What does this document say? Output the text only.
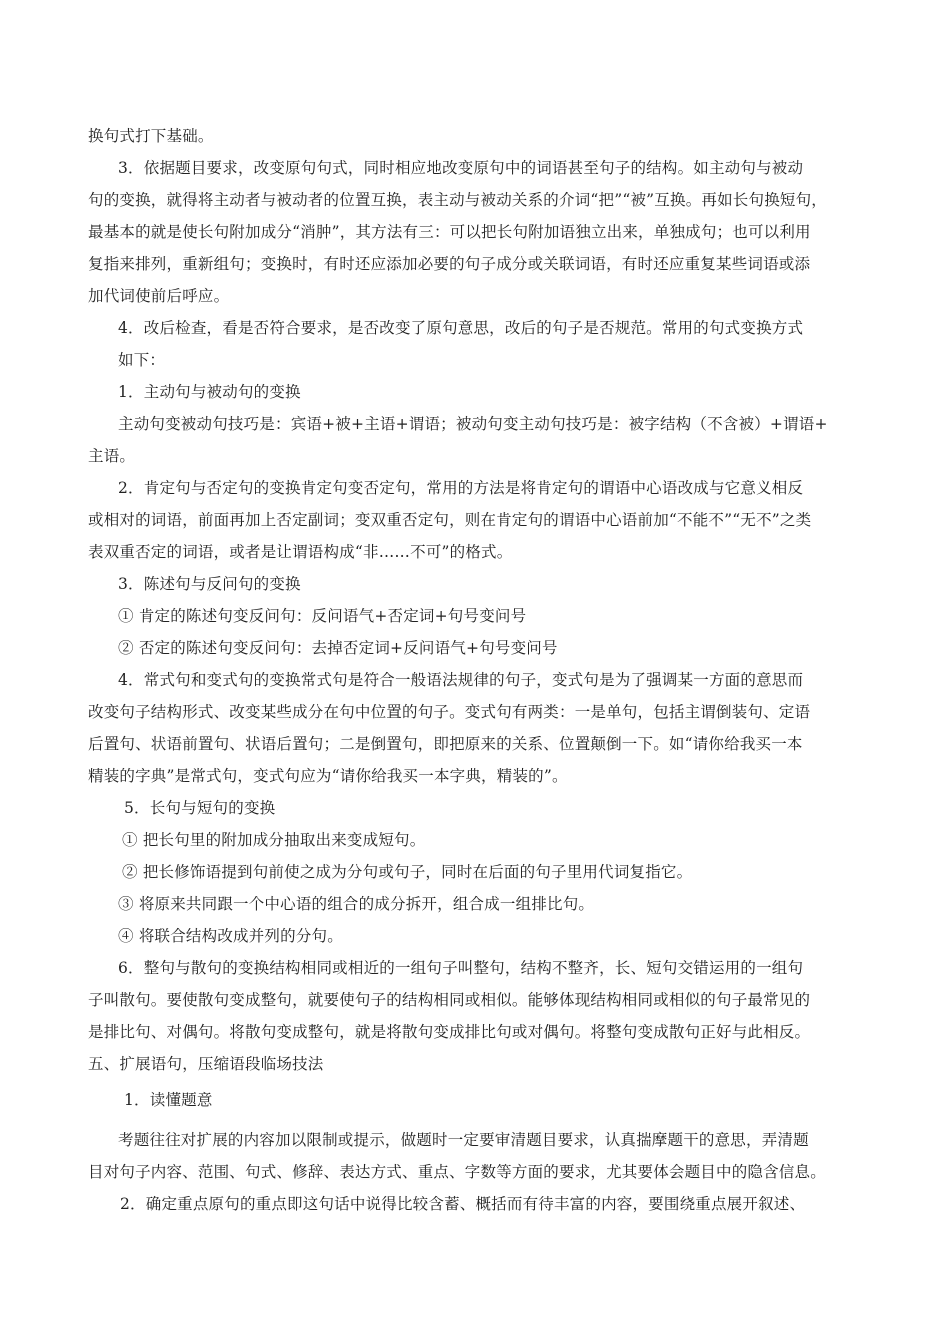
换句式打下基础。
3．依据题目要求，改变原句句式，同时相应地改变原句中的词语甚至句子的结构。如主动句与被动
句的变换，就得将主动者与被动者的位置互换，表主动与被动关系的介词“把”“被”互换。再如长句换短句，
最基本的就是使长句附加成分“消肿”，其方法有三：可以把长句附加语独立出来，单独成句；也可以利用
复指来排列，重新组句；变换时，有时还应添加必要的句子成分或关联词语，有时还应重复某些词语或添
加代词使前后呼应。
4．改后检查，看是否符合要求，是否改变了原句意思，改后的句子是否规范。常用的句式变换方式
如下：
1．主动句与被动句的变换
主动句变被动句技巧是：宾语+被+主语+谓语；被动句变主动句技巧是：被字结构（不含被）+谓语+
主语。
2．肯定句与否定句的变换肯定句变否定句，常用的方法是将肯定句的谓语中心语改成与它意义相反
或相对的词语，前面再加上否定副词；变双重否定句，则在肯定句的谓语中心语前加“不能不”“无不”之类
表双重否定的词语，或者是让谓语构成“非……不可”的格式。
3．陈述句与反问句的变换
① 肯定的陈述句变反问句：反问语气+否定词+句号变问号
② 否定的陈述句变反问句：去掉否定词+反问语气+句号变问号
4．常式句和变式句的变换常式句是符合一般语法规律的句子，变式句是为了强调某一方面的意思而
改变句子结构形式、改变某些成分在句中位置的句子。变式句有两类：一是单句，包括主谓倒装句、定语
后置句、状语前置句、状语后置句；二是倒置句，即把原来的关系、位置颠倒一下。如“请你给我买一本
精装的字典”是常式句，变式句应为“请你给我买一本字典，精装的”。
5．长句与短句的变换
① 把长句里的附加成分抽取出来变成短句。
② 把长修饰语提到句前使之成为分句或句子，同时在后面的句子里用代词复指它。
③ 将原来共同跟一个中心语的组合的成分拆开，组合成一组排比句。
④ 将联合结构改成并列的分句。
6．整句与散句的变换结构相同或相近的一组句子叫整句，结构不整齐，长、短句交错运用的一组句
子叫散句。要使散句变成整句，就要使句子的结构相同或相似。能够体现结构相同或相似的句子最常见的
是排比句、对偶句。将散句变成整句，就是将散句变成排比句或对偶句。将整句变成散句正好与此相反。
五、扩展语句，压缩语段临场技法
1．读懂题意
考题往往对扩展的内容加以限制或提示，做题时一定要审清题目要求，认真揣摩题干的意思，弄清题
目对句子内容、范围、句式、修辞、表达方式、重点、字数等方面的要求，尤其要体会题目中的隐含信息。
2．确定重点原句的重点即这句话中说得比较含蓄、概括而有待丰富的内容，要围绕重点展开叙述、
